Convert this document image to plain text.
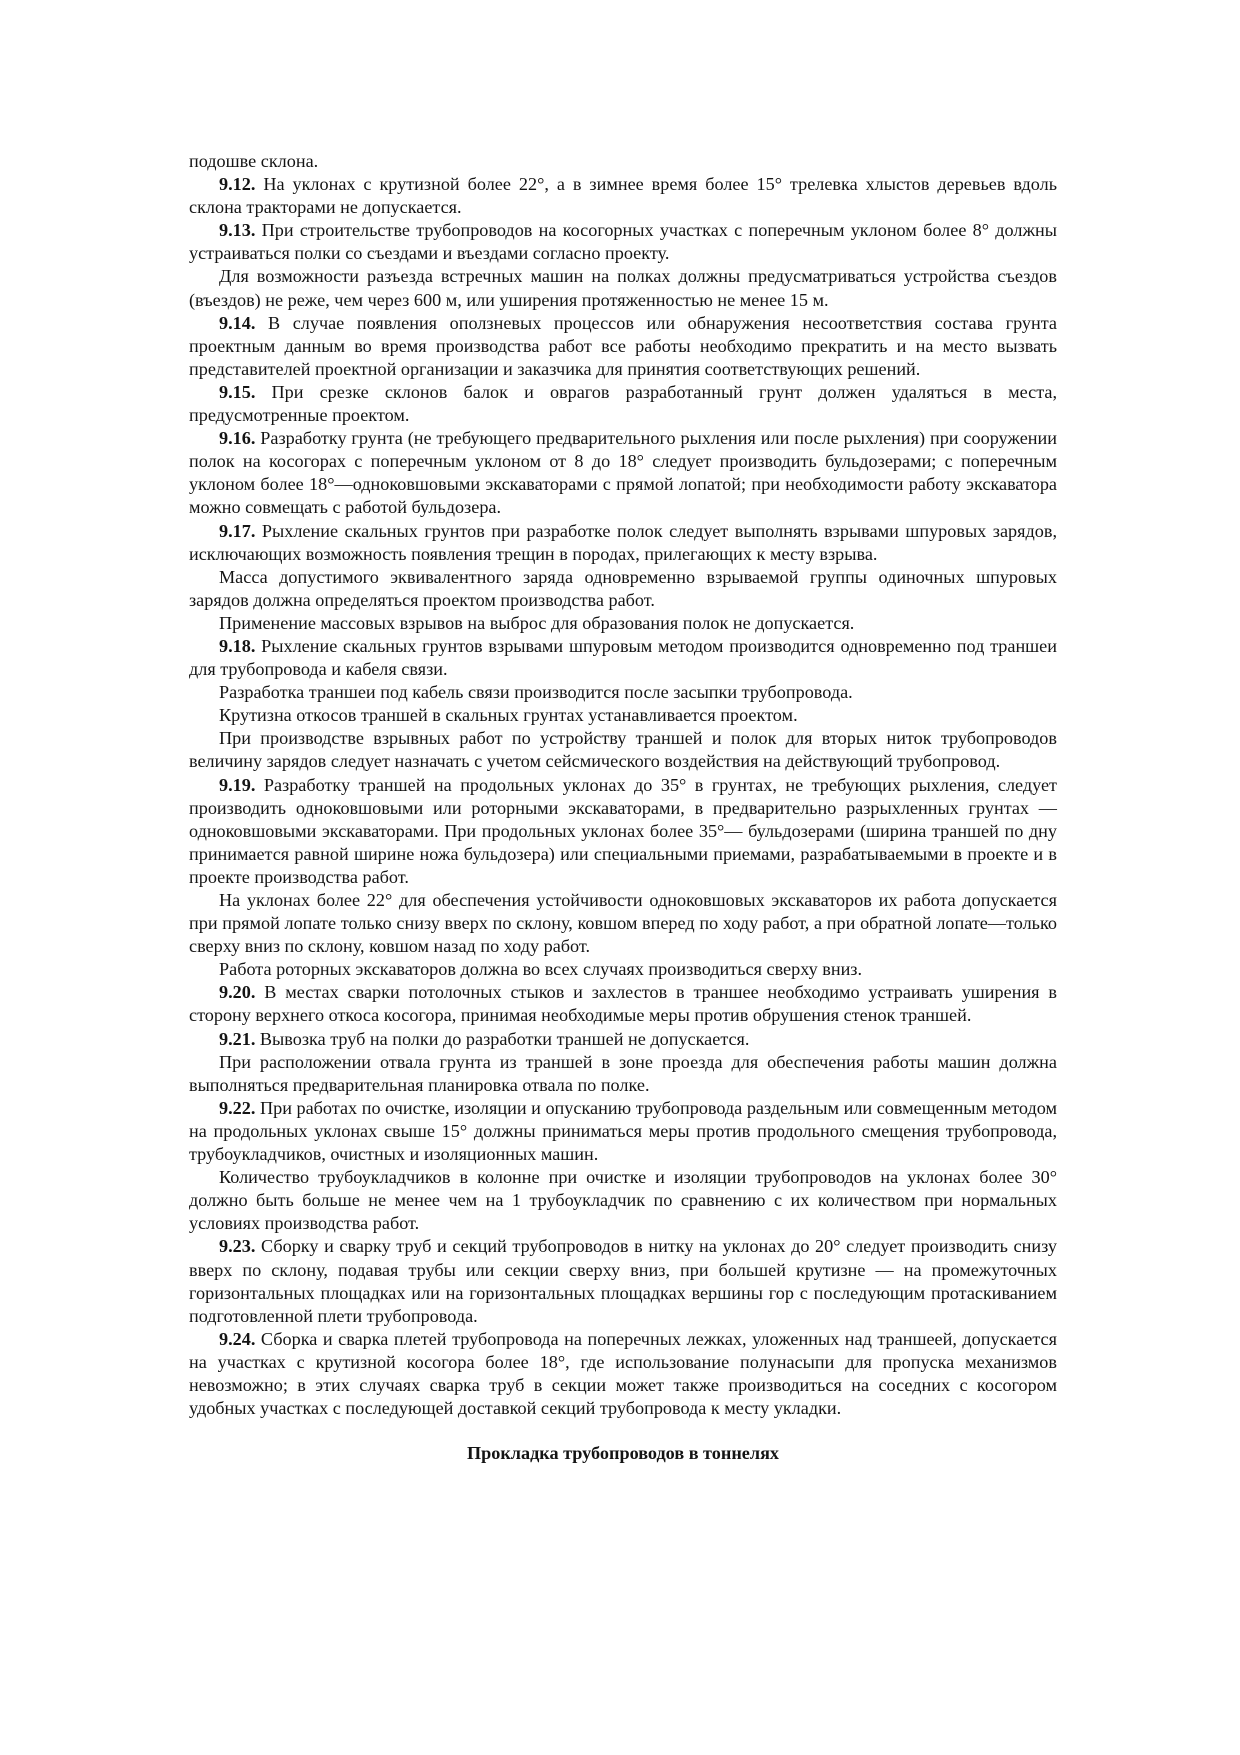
подошве склона.

9.12. На уклонах с крутизной более 22°, а в зимнее время более 15° трелевка хлыстов деревьев вдоль склона тракторами не допускается.

9.13. При строительстве трубопроводов на косогорных участках с поперечным уклоном более 8° должны устраиваться полки со съездами и въездами согласно проекту.

Для возможности разъезда встречных машин на полках должны предусматриваться устройства съездов (въездов) не реже, чем через 600 м, или уширения протяженностью не менее 15 м.

9.14. В случае появления оползневых процессов или обнаружения несоответствия состава грунта проектным данным во время производства работ все работы необходимо прекратить и на место вызвать представителей проектной организации и заказчика для принятия соответствующих решений.

9.15. При срезке склонов балок и оврагов разработанный грунт должен удаляться в места, предусмотренные проектом.

9.16. Разработку грунта (не требующего предварительного рыхления или после рыхления) при сооружении полок на косогорах с поперечным уклоном от 8 до 18° следует производить бульдозерами; с поперечным уклоном более 18°—одноковшовыми экскаваторами с прямой лопатой; при необходимости работу экскаватора можно совмещать с работой бульдозера.

9.17. Рыхление скальных грунтов при разработке полок следует выполнять взрывами шпуровых зарядов, исключающих возможность появления трещин в породах, прилегающих к месту взрыва.

Масса допустимого эквивалентного заряда одновременно взрываемой группы одиночных шпуровых зарядов должна определяться проектом производства работ.

Применение массовых взрывов на выброс для образования полок не допускается.

9.18. Рыхление скальных грунтов взрывами шпуровым методом производится одновременно под траншеи для трубопровода и кабеля связи.

Разработка траншеи под кабель связи производится после засыпки трубопровода.

Крутизна откосов траншей в скальных грунтах устанавливается проектом.

При производстве взрывных работ по устройству траншей и полок для вторых ниток трубопроводов величину зарядов следует назначать с учетом сейсмического воздействия на действующий трубопровод.

9.19. Разработку траншей на продольных уклонах до 35° в грунтах, не требующих рыхления, следует производить одноковшовыми или роторными экскаваторами, в предварительно разрыхленных грунтах — одноковшовыми экскаваторами. При продольных уклонах более 35°— бульдозерами (ширина траншей по дну принимается равной ширине ножа бульдозера) или специальными приемами, разрабатываемыми в проекте и в проекте производства работ.

На уклонах более 22° для обеспечения устойчивости одноковшовых экскаваторов их работа допускается при прямой лопате только снизу вверх по склону, ковшом вперед по ходу работ, а при обратной лопате—только сверху вниз по склону, ковшом назад по ходу работ.

Работа роторных экскаваторов должна во всех случаях производиться сверху вниз.

9.20. В местах сварки потолочных стыков и захлестов в траншее необходимо устраивать уширения в сторону верхнего откоса косогора, принимая необходимые меры против обрушения стенок траншей.

9.21. Вывозка труб на полки до разработки траншей не допускается.

При расположении отвала грунта из траншей в зоне проезда для обеспечения работы машин должна выполняться предварительная планировка отвала по полке.

9.22. При работах по очистке, изоляции и опусканию трубопровода раздельным или совмещенным методом на продольных уклонах свыше 15° должны приниматься меры против продольного смещения трубопровода, трубоукладчиков, очистных и изоляционных машин.

Количество трубоукладчиков в колонне при очистке и изоляции трубопроводов на уклонах более 30° должно быть больше не менее чем на 1 трубоукладчик по сравнению с их количеством при нормальных условиях производства работ.

9.23. Сборку и сварку труб и секций трубопроводов в нитку на уклонах до 20° следует производить снизу вверх по склону, подавая трубы или секции сверху вниз, при большей крутизне — на промежуточных горизонтальных площадках или на горизонтальных площадках вершины гор с последующим протаскиванием подготовленной плети трубопровода.

9.24. Сборка и сварка плетей трубопровода на поперечных лежках, уложенных над траншеей, допускается на участках с крутизной косогора более 18°, где использование полунасыпи для пропуска механизмов невозможно; в этих случаях сварка труб в секции может также производиться на соседних с косогором удобных участках с последующей доставкой секций трубопровода к месту укладки.

Прокладка трубопроводов в тоннелях
